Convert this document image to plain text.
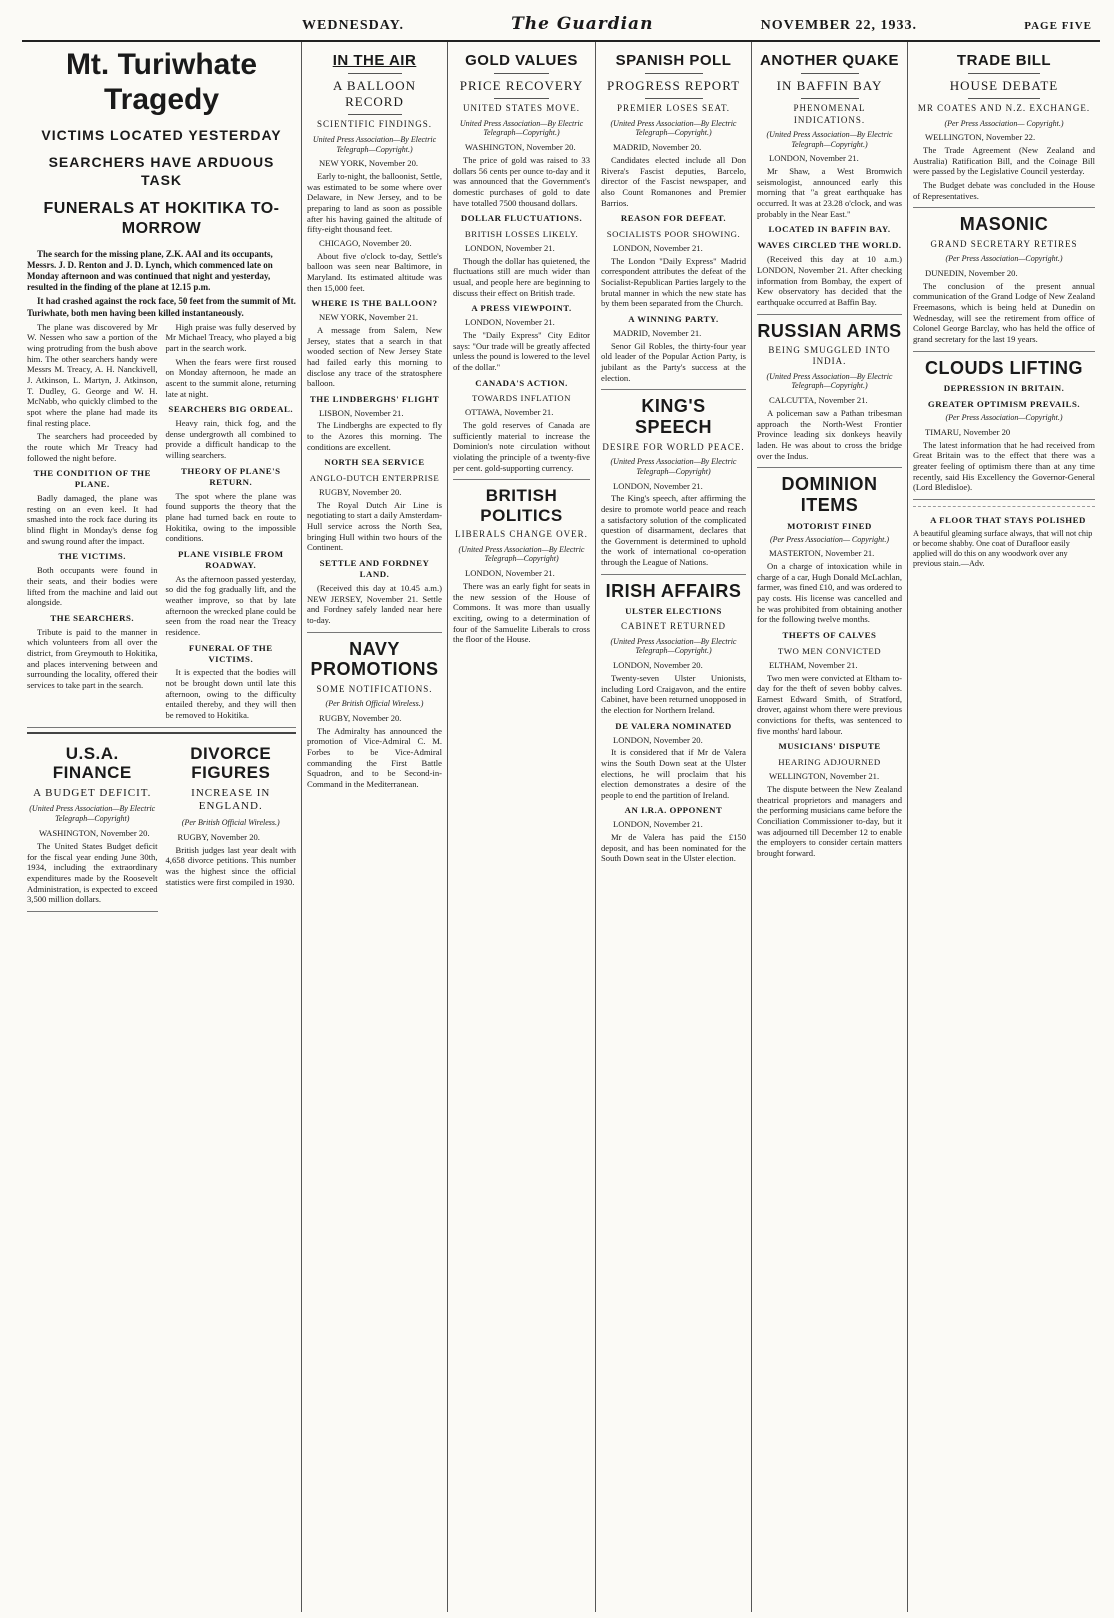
WEDNESDAY.	The Guardian	NOVEMBER 22, 1933.	PAGE FIVE
Mt. Turiwhate Tragedy
VICTIMS LOCATED YESTERDAY
SEARCHERS HAVE ARDUOUS TASK
FUNERALS AT HOKITIKA TO-MORROW
The search for the missing plane, Z.K. AAI and its occupants, Messrs. J. D. Renton and J. D. Lynch, which commenced late on Monday afternoon and was continued that night and yesterday, resulted in the finding of the plane at 12.15 p.m.
It had crashed against the rock face, 50 feet from the summit of Mt. Turiwhate, both men having been killed instantaneously.

The plane was discovered by Mr W. Nessen who saw a portion of the wing protruding from the bush above him. The other searchers handy were Messrs M. Treacy, A. H. Nanckivell, J. Atkinson, L. Martyn, J. Atkinson, T. Dudley, G. George and W. H. McNabb, who quickly climbed to the spot where the plane had made its final resting place.

The searchers had proceeded by the route which Mr Treacy had followed the night before.

THE CONDITION OF THE PLANE.

Badly damaged, the plane was resting on an even keel. It had smashed into the rock face during its blind flight in Monday's dense fog and swung round after the impact.

THE VICTIMS.

Both occupants were found in their seats, and their bodies were lifted from the machine and laid out alongside.

THE SEARCHERS.

Tribute is paid to the manner in which volunteers from all over the district, from Greymouth to Hokitika, and places intervening between and surrounding the locality, offered their services to take part in the search.

High praise was fully deserved by Mr Michael Treacy, who played a big part in the search work.

When the fears were first roused on Monday afternoon, he made an ascent to the summit alone, returning late at night.

SEARCHERS BIG ORDEAL.

Heavy rain, thick fog, and the dense undergrowth all combined to provide a difficult handicap to the willing searchers.

THEORY OF PLANE'S RETURN.

The spot where the plane was found supports the theory that the plane had turned back en route to Hokitika, owing to the impossible conditions.

PLANE VISIBLE FROM ROADWAY.

As the afternoon passed yesterday, so did the fog gradually lift, and the weather improve, so that by late afternoon the wrecked plane could be seen from the road near the Treacy residence.

FUNERAL OF THE VICTIMS.

It is expected that the bodies will not be brought down until late this afternoon, owing to the difficulty entailed thereby, and they will then be removed to Hokitika.

U.S.A. FINANCE
A BUDGET DEFICIT.
(United Press Association—By Electric Telegraph—Copyright)
WASHINGTON, November 20.

The United States Budget deficit for the fiscal year ending June 30th, 1934, including the extraordinary expenditures made by the Roosevelt Administration, is expected to exceed 3,500 million dollars.

DIVORCE FIGURES
INCREASE IN ENGLAND.
(Per British Official Wireless.)
RUGBY, November 20.

British judges last year dealt with 4,658 divorce petitions. This number was the highest since the official statistics were first compiled in 1930.

IN THE AIR
A BALLOON RECORD
SCIENTIFIC FINDINGS.
United Press Association—By Electric Telegraph—Copyright.)
NEW YORK, November 20.

Early to-night, the balloonist, Settle, was estimated to be some where over Delaware, in New Jersey, and to be preparing to land as soon as possible after his having gained the altitude of fifty-eight thousand feet.

CHICAGO, November 20.

About five o'clock to-day, Settle's balloon was seen near Baltimore, in Maryland. Its estimated altitude was then 15,000 feet.

WHERE IS THE BALLOON?
NEW YORK, November 21.

A message from Salem, New Jersey, states that a search in that wooded section of New Jersey State had failed early this morning to disclose any trace of the stratosphere balloon.

THE LINDBERGHS' FLIGHT
LISBON, November 21.

The Lindberghs are expected to fly to the Azores this morning. The conditions are excellent.

NORTH SEA SERVICE
ANGLO-DUTCH ENTERPRISE
RUGBY, November 20.

The Royal Dutch Air Line is negotiating to start a daily Amsterdam-Hull service across the North Sea, bringing Hull within two hours of the Continent.

SETTLE AND FORDNEY LAND.

(Received this day at 10.45 a.m.) NEW JERSEY, November 21. Settle and Fordney safely landed near here to-day.

NAVY PROMOTIONS
SOME NOTIFICATIONS.
(Per British Official Wireless.)
RUGBY, November 20.

The Admiralty has announced the promotion of Vice-Admiral C. M. Forbes to be Vice-Admiral commanding the First Battle Squadron, and to be Second-in-Command in the Mediterranean.

GOLD VALUES
PRICE RECOVERY
UNITED STATES MOVE.
United Press Association—By Electric Telegraph—Copyright.)
WASHINGTON, November 20.

The price of gold was raised to 33 dollars 56 cents per ounce to-day and it was announced that the Government's domestic purchases of gold to date have totalled 7500 thousand dollars.

DOLLAR FLUCTUATIONS.
BRITISH LOSSES LIKELY.
LONDON, November 21.

Though the dollar has quietened, the fluctuations still are much wider than usual, and people here are beginning to discuss their effect on British trade.

A PRESS VIEWPOINT.
LONDON, November 21.

The "Daily Express" City Editor says: "Our trade will be greatly affected unless the pound is lowered to the level of the dollar."

CANADA'S ACTION.
TOWARDS INFLATION
OTTAWA, November 21.

The gold reserves of Canada are sufficiently material to increase the Dominion's note circulation without violating the principle of a twenty-five per cent. gold-supporting currency.

BRITISH POLITICS
LIBERALS CHANGE OVER.
(United Press Association—By Electric Telegraph—Copyright)
LONDON, November 21.

There was an early fight for seats in the new session of the House of Commons. It was more than usually exciting, owing to a determination of four of the Samuelite Liberals to cross the floor of the House.

SPANISH POLL
PROGRESS REPORT
PREMIER LOSES SEAT.
(United Press Association—By Electric Telegraph—Copyright.)
MADRID, November 20.

Candidates elected include all Don Rivera's Fascist deputies, Barcelo, director of the Fascist newspaper, and also Count Romanones and Premier Barrios.

REASON FOR DEFEAT.
SOCIALISTS POOR SHOWING.
LONDON, November 21.

The London "Daily Express" Madrid correspondent attributes the defeat of the Socialist-Republican Parties largely to the brutal manner in which the new state has by them been separated from the Church.

A WINNING PARTY.
MADRID, November 21.

Senor Gil Robles, the thirty-four year old leader of the Popular Action Party, is jubilant as the Party's success at the election.

KING'S SPEECH
DESIRE FOR WORLD PEACE.
(United Press Association—By Electric Telegraph—Copyright)
LONDON, November 21.

The King's speech, after affirming the desire to promote world peace and reach a satisfactory solution of the complicated question of disarmament, declares that the Government is determined to uphold the work of international co-operation through the League of Nations.

IRISH AFFAIRS
ULSTER ELECTIONS
CABINET RETURNED
(United Press Association—By Electric Telegraph—Copyright.)
LONDON, November 20.

Twenty-seven Ulster Unionists, including Lord Craigavon, and the entire Cabinet, have been returned unopposed in the election for Northern Ireland.

DE VALERA NOMINATED
LONDON, November 20.

It is considered that if Mr de Valera wins the South Down seat at the Ulster elections, he will proclaim that his election demonstrates a desire of the people to end the partition of Ireland.

AN I.R.A. OPPONENT
LONDON, November 21.

Mr de Valera has paid the £150 deposit, and has been nominated for the South Down seat in the Ulster election.

ANOTHER QUAKE
IN BAFFIN BAY
PHENOMENAL INDICATIONS.
(United Press Association—By Electric Telegraph—Copyright.)
LONDON, November 21.

Mr Shaw, a West Bromwich seismologist, announced early this morning that "a great earthquake has occurred. It was at 23.28 o'clock, and was probably in the Near East."

LOCATED IN BAFFIN BAY.
WAVES CIRCLED THE WORLD.

(Received this day at 10 a.m.) LONDON, November 21. After checking information from Bombay, the expert of Kew observatory has decided that the earthquake occurred at Baffin Bay.

RUSSIAN ARMS
BEING SMUGGLED INTO INDIA.
(United Press Association—By Electric Telegraph—Copyright.)
CALCUTTA, November 21.

A policeman saw a Pathan tribesman approach the North-West Frontier Province leading six donkeys heavily laden. He was about to cross the bridge over the Indus.

DOMINION ITEMS
MOTORIST FINED
(Per Press Association— Copyright.)
MASTERTON, November 21.

On a charge of intoxication while in charge of a car, Hugh Donald McLachlan, farmer, was fined £10, and was ordered to pay costs. His license was cancelled and he was prohibited from obtaining another for the following twelve months.

THEFTS OF CALVES
TWO MEN CONVICTED
ELTHAM, November 21.

Two men were convicted at Eltham to-day for the theft of seven bobby calves. Earnest Edward Smith, of Stratford, drover, against whom there were previous convictions for thefts, was sentenced to five months' hard labour.

MUSICIANS' DISPUTE
HEARING ADJOURNED
WELLINGTON, November 21.

The dispute between the New Zealand theatrical proprietors and managers and the performing musicians came before the Conciliation Commissioner to-day, but it was adjourned till December 12 to enable the employers to consider certain matters brought forward.

TRADE BILL
HOUSE DEBATE
MR COATES AND N.Z. EXCHANGE.
(Per Press Association— Copyright.)
WELLINGTON, November 22.

The Trade Agreement (New Zealand and Australia) Ratification Bill, and the Coinage Bill were passed by the Legislative Council yesterday.

The Budget debate was concluded in the House of Representatives.

MASONIC
GRAND SECRETARY RETIRES
(Per Press Association—Copyright.)
DUNEDIN, November 20.

The conclusion of the present annual communication of the Grand Lodge of New Zealand Freemasons, which is being held at Dunedin on Wednesday, will see the retirement from office of Colonel George Barclay, who has held the office of grand secretary for the last 19 years.

CLOUDS LIFTING
DEPRESSION IN BRITAIN.
GREATER OPTIMISM PREVAILS.
(Per Press Association—Copyright.)
TIMARU, November 20

The latest information that he had received from Great Britain was to the effect that there was a greater feeling of optimism there than at any time recently, said His Excellency the Governor-General (Lord Bledisloe).

A FLOOR THAT STAYS POLISHED
A beautiful gleaming surface always, that will not chip or become shabby. One coat of Durafloor easily applied will do this on any woodwork over any previous stain.—Adv.
